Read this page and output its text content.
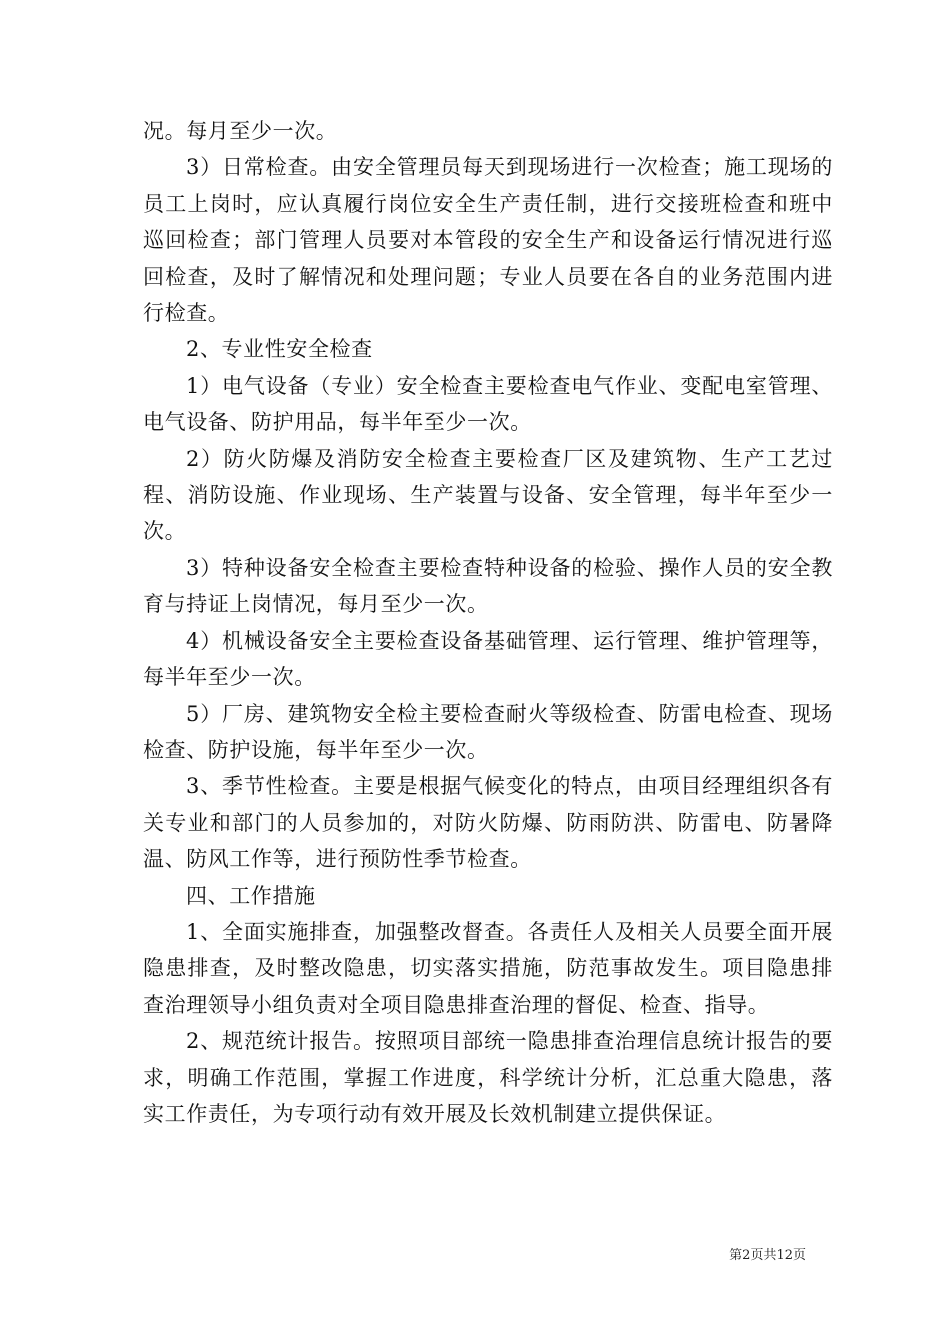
况。每月至少一次。

3）日常检查。由安全管理员每天到现场进行一次检查；施工现场的员工上岗时，应认真履行岗位安全生产责任制，进行交接班检查和班中巡回检查；部门管理人员要对本管段的安全生产和设备运行情况进行巡回检查，及时了解情况和处理问题；专业人员要在各自的业务范围内进行检查。

2、专业性安全检查

1）电气设备（专业）安全检查主要检查电气作业、变配电室管理、电气设备、防护用品，每半年至少一次。

2）防火防爆及消防安全检查主要检查厂区及建筑物、生产工艺过程、消防设施、作业现场、生产装置与设备、安全管理，每半年至少一次。

3）特种设备安全检查主要检查特种设备的检验、操作人员的安全教育与持证上岗情况，每月至少一次。

4）机械设备安全主要检查设备基础管理、运行管理、维护管理等，每半年至少一次。

5）厂房、建筑物安全检主要检查耐火等级检查、防雷电检查、现场检查、防护设施，每半年至少一次。

3、季节性检查。主要是根据气候变化的特点，由项目经理组织各有关专业和部门的人员参加的，对防火防爆、防雨防洪、防雷电、防暑降温、防风工作等，进行预防性季节检查。

四、工作措施

1、全面实施排查，加强整改督查。各责任人及相关人员要全面开展隐患排查，及时整改隐患，切实落实措施，防范事故发生。项目隐患排查治理领导小组负责对全项目隐患排查治理的督促、检查、指导。

2、规范统计报告。按照项目部统一隐患排查治理信息统计报告的要求，明确工作范围，掌握工作进度，科学统计分析，汇总重大隐患，落实工作责任，为专项行动有效开展及长效机制建立提供保证。

第2页共12页
